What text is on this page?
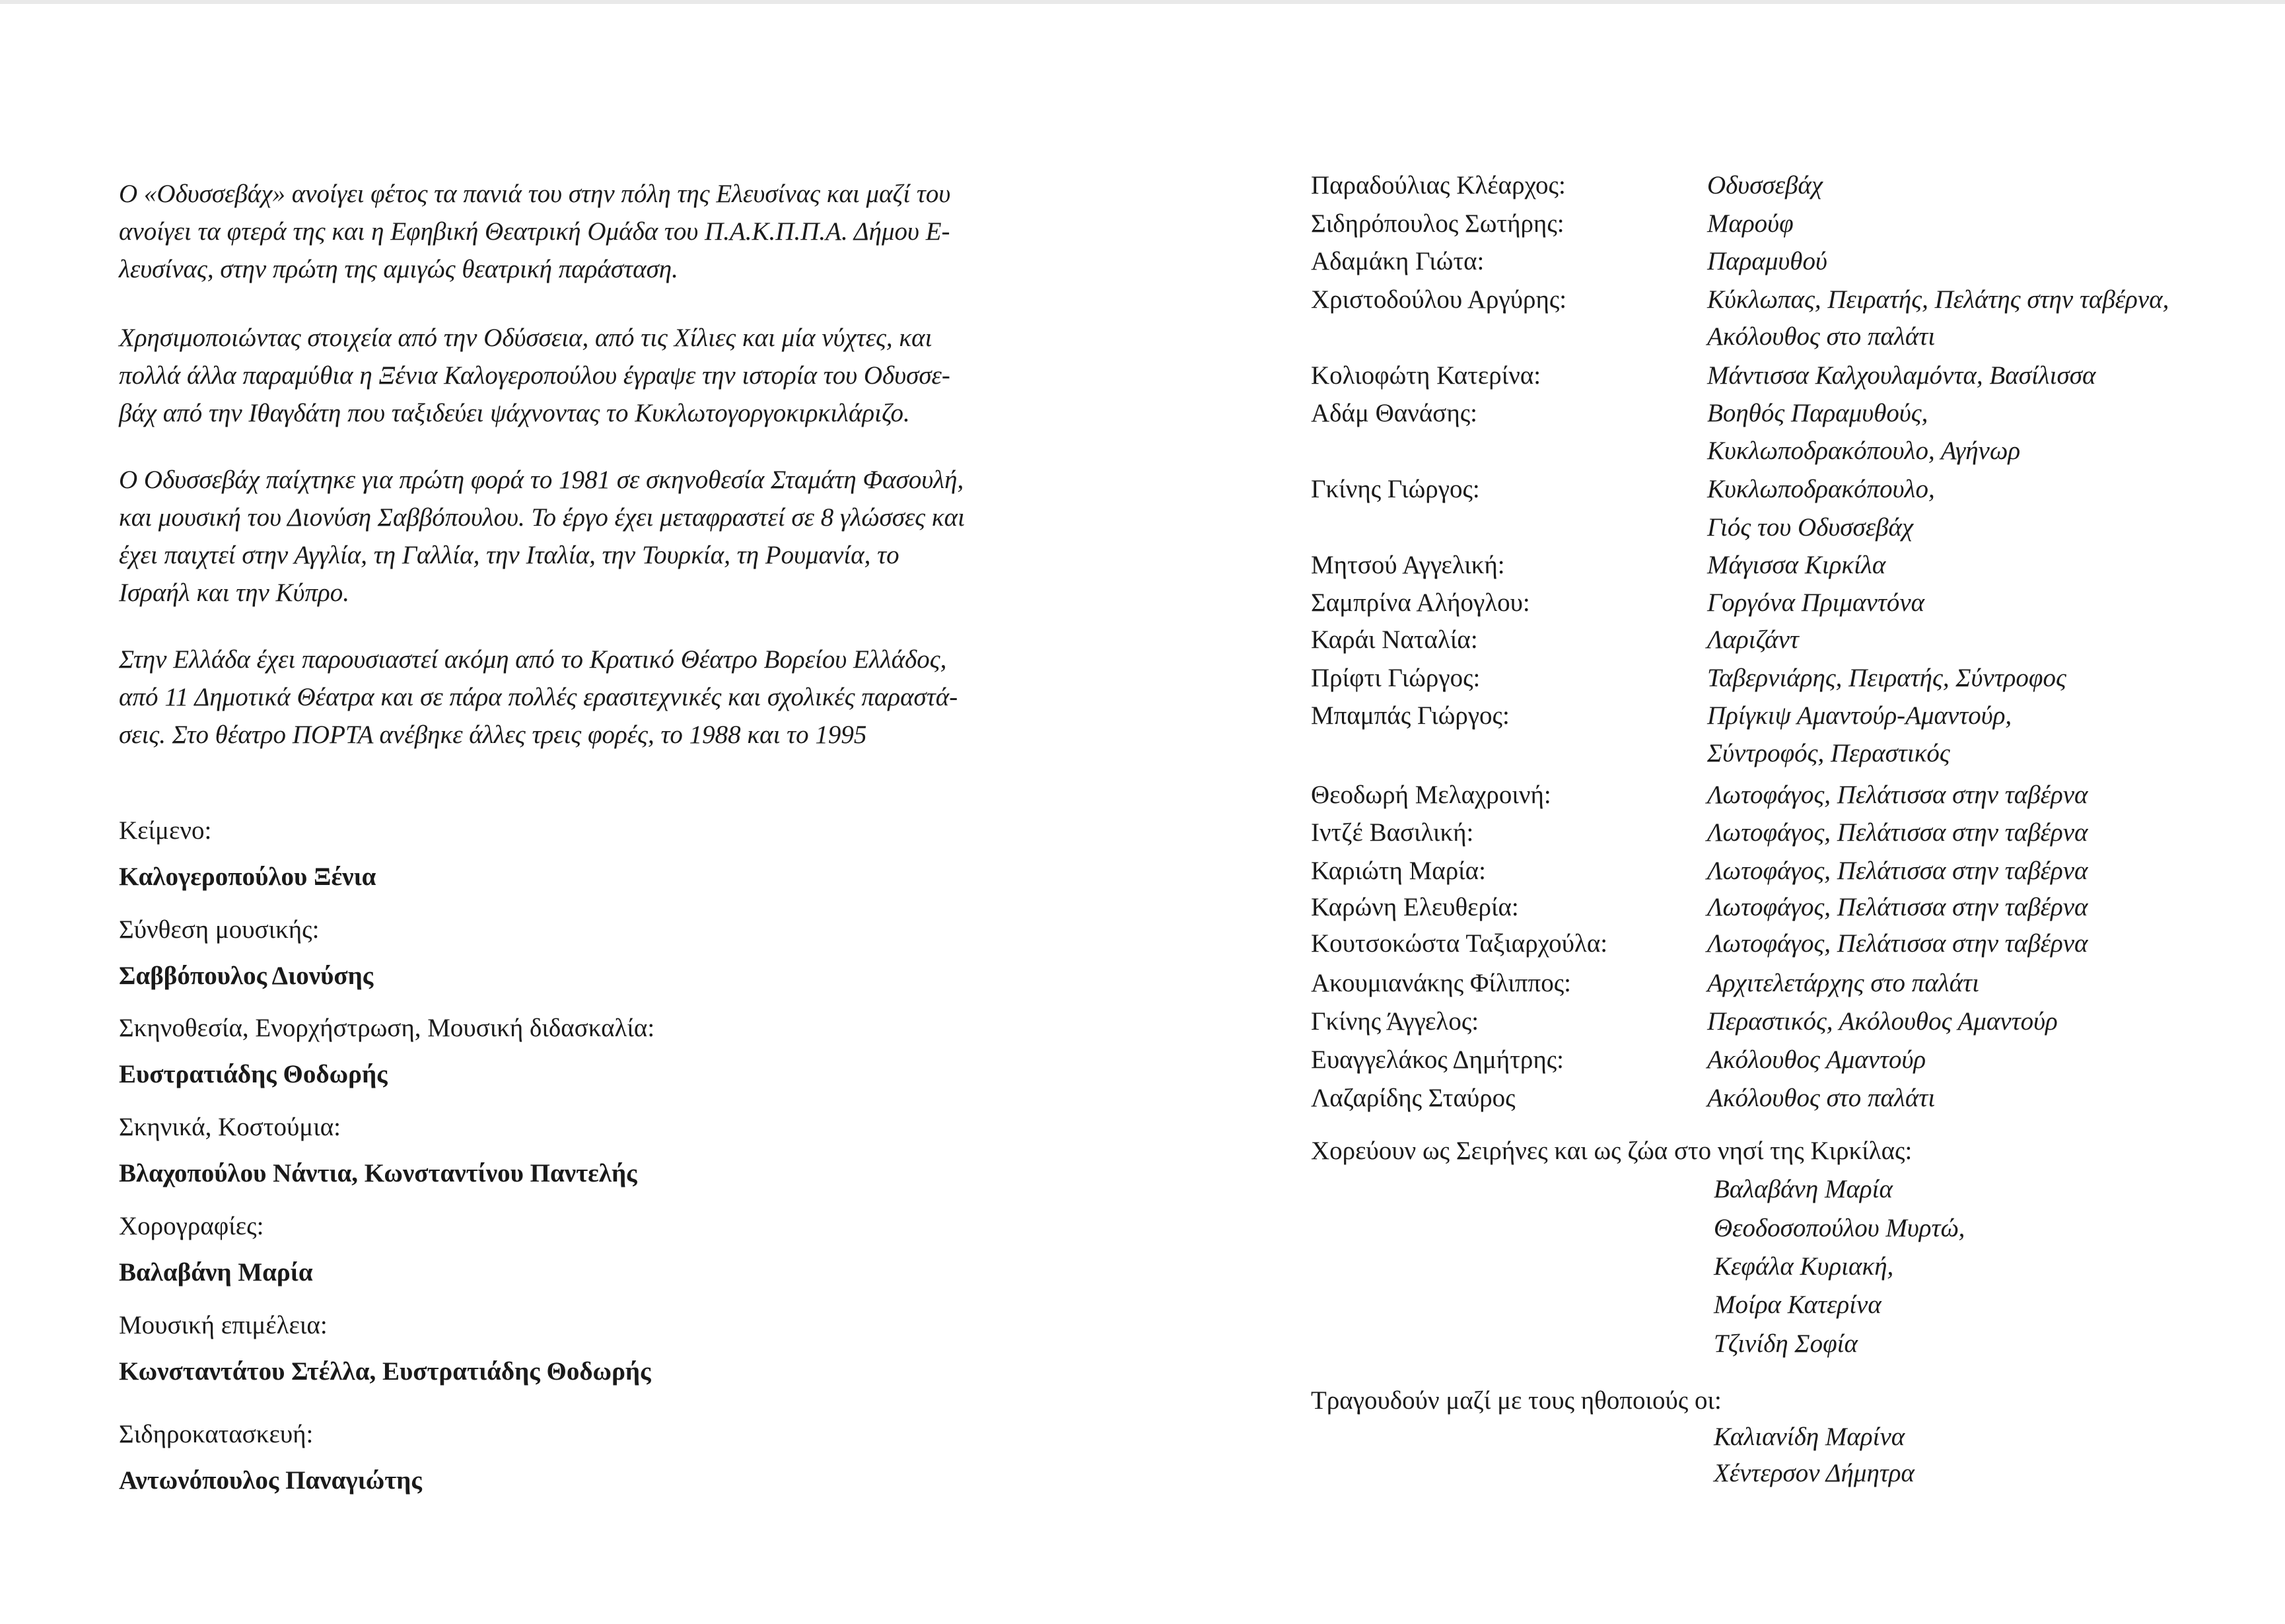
Ο «Οδυσσεβάχ» ανοίγει φέτος τα πανιά του στην πόλη της Ελευσίνας και μαζί του
ανοίγει τα φτερά της και η Εφηβική Θεατρική Ομάδα του Π.Α.Κ.Π.Π.Α. Δήμου Ε-
λευσίνας, στην πρώτη της αμιγώς θεατρική παράσταση.

Χρησιμοποιώντας στοιχεία από την Οδύσσεια, από τις Χίλιες και μία νύχτες, και
πολλά άλλα παραμύθια η Ξένια Καλογεροπούλου έγραψε την ιστορία του Οδυσσε-
βάχ από την Ιθαγδάτη που ταξιδεύει ψάχνοντας το Κυκλωτογοργοκιρκιλάριζο.

Ο Οδυσσεβάχ παίχτηκε για πρώτη φορά το 1981 σε σκηνοθεσία Σταμάτη Φασουλή,
και μουσική του Διονύση Σαββόπουλου. Το έργο έχει μεταφραστεί σε 8 γλώσσες και
έχει παιχτεί στην Αγγλία, τη Γαλλία, την Ιταλία, την Τουρκία, τη Ρουμανία, το
Ισραήλ και την Κύπρο.

Στην Ελλάδα έχει παρουσιαστεί ακόμη από το Κρατικό Θέατρο Βορείου Ελλάδος,
από 11 Δημοτικά Θέατρα και σε πάρα πολλές ερασιτεχνικές και σχολικές παραστά-
σεις. Στο θέατρο ΠΟΡΤΑ ανέβηκε άλλες τρεις φορές, το 1988 και το 1995

Κείμενο:
Καλογεροπούλου Ξένια
Σύνθεση μουσικής:
Σαββόπουλος Διονύσης
Σκηνοθεσία, Ενορχήστρωση, Μουσική διδασκαλία:
Ευστρατιάδης Θοδωρής
Σκηνικά, Κοστούμια:
Βλαχοπούλου Νάντια, Κωνσταντίνου Παντελής
Χορογραφίες:
Βαλαβάνη Μαρία
Μουσική επιμέλεια:
Κωνσταντάτου Στέλλα, Ευστρατιάδης Θοδωρής
Σιδηροκατασκευή:
Αντωνόπουλος Παναγιώτης
Παραδούλιας Κλέαρχος:	Οδυσσεβάχ
Σιδηρόπουλος Σωτήρης:	Μαρούφ
Αδαμάκη Γιώτα:	Παραμυθού
Χριστοδούλου Αργύρης:	Κύκλωπας, Πειρατής, Πελάτης στην ταβέρνα,
Ακόλουθος στο παλάτι
Κολιοφώτη Κατερίνα:	Μάντισσα Καλχουλαμόντα, Βασίλισσα
Αδάμ Θανάσης:	Βοηθός Παραμυθούς,
Κυκλωποδρακόπουλο, Αγήνωρ
Γκίνης Γιώργος:	Κυκλωποδρακόπουλο,
Γιός του Οδυσσεβάχ
Μητσού Αγγελική:	Μάγισσα Κιρκίλα
Σαμπρίνα Αλήογλου:	Γοργόνα Πριμαντόνα
Καράι Ναταλία:	Λαριζάντ
Πρίφτι Γιώργος:	Ταβερνιάρης, Πειρατής, Σύντροφος
Μπαμπάς Γιώργος:	Πρίγκιψ Αμαντούρ-Αμαντούρ,
Σύντροφός, Περαστικός
Θεοδωρή Μελαχροινή:	Λωτοφάγος, Πελάτισσα στην ταβέρνα
Ιντζέ Βασιλική:	Λωτοφάγος, Πελάτισσα στην ταβέρνα
Καριώτη Μαρία:	Λωτοφάγος, Πελάτισσα στην ταβέρνα
Καρώνη Ελευθερία:	Λωτοφάγος, Πελάτισσα στην ταβέρνα
Κουτσοκώστα Ταξιαρχούλα:	Λωτοφάγος, Πελάτισσα στην ταβέρνα
Ακουμιανάκης Φίλιππος:	Αρχιτελετάρχης στο παλάτι
Γκίνης Άγγελος:	Περαστικός, Ακόλουθος Αμαντούρ
Ευαγγελάκος Δημήτρης:	Ακόλουθος Αμαντούρ
Λαζαρίδης Σταύρος	Ακόλουθος στο παλάτι
Χορεύουν ως Σειρήνες και ως ζώα στο νησί της Κιρκίλας:
Βαλαβάνη Μαρία
Θεοδοσοπούλου Μυρτώ,
Κεφάλα Κυριακή,
Μοίρα Κατερίνα
Τζινίδη Σοφία
Τραγουδούν μαζί με τους ηθοποιούς οι:
Καλιανίδη Μαρίνα
Χέντερσον Δήμητρα
